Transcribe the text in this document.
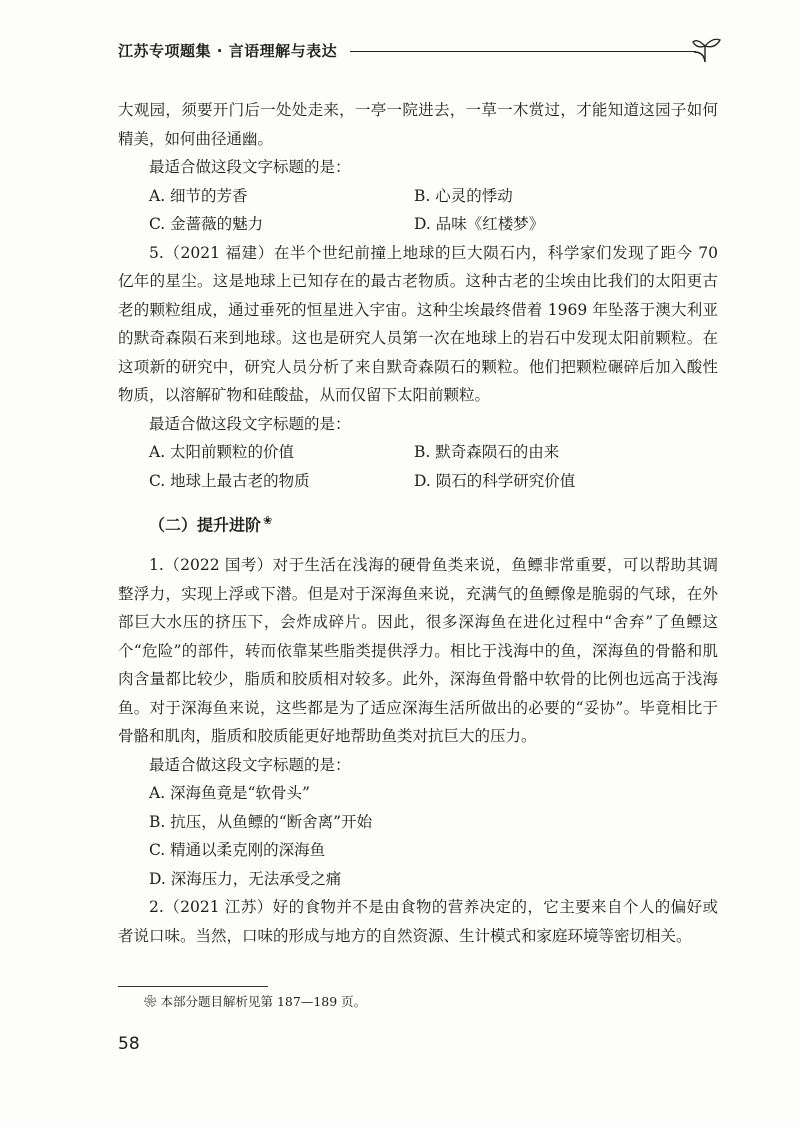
江苏专项题集 · 言语理解与表达

大观园，须要开门后一处处走来，一亭一院进去，一草一木赏过，才能知道这园子如何精美，如何曲径通幽。

最适合做这段文字标题的是：

A. 细节的芳香	B. 心灵的悸动
C. 金蔷薇的魅力	D. 品味《红楼梦》

5.（2021 福建）在半个世纪前撞上地球的巨大陨石内，科学家们发现了距今 70 亿年的星尘。这是地球上已知存在的最古老物质。这种古老的尘埃由比我们的太阳更古老的颗粒组成，通过垂死的恒星进入宇宙。这种尘埃最终借着 1969 年坠落于澳大利亚的默奇森陨石来到地球。这也是研究人员第一次在地球上的岩石中发现太阳前颗粒。在这项新的研究中，研究人员分析了来自默奇森陨石的颗粒。他们把颗粒碾碎后加入酸性物质，以溶解矿物和硅酸盐，从而仅留下太阳前颗粒。

最适合做这段文字标题的是：

A. 太阳前颗粒的价值	B. 默奇森陨石的由来
C. 地球上最古老的物质	D. 陨石的科学研究价值
（二）提升进阶 ❀

1.（2022 国考）对于生活在浅海的硬骨鱼类来说，鱼鳔非常重要，可以帮助其调整浮力，实现上浮或下潜。但是对于深海鱼来说，充满气的鱼鳔像是脆弱的气球，在外部巨大水压的挤压下，会炸成碎片。因此，很多深海鱼在进化过程中“舍弃”了鱼鳔这个“危险”的部件，转而依靠某些脂类提供浮力。相比于浅海中的鱼，深海鱼的骨骼和肌肉含量都比较少，脂质和胶质相对较多。此外，深海鱼骨骼中软骨的比例也远高于浅海鱼。对于深海鱼来说，这些都是为了适应深海生活所做出的必要的“妥协”。毕竟相比于骨骼和肌肉，脂质和胶质能更好地帮助鱼类对抗巨大的压力。

最适合做这段文字标题的是：

A. 深海鱼竟是“软骨头”

B. 抗压，从鱼鳔的“断舍离”开始

C. 精通以柔克刚的深海鱼

D. 深海压力，无法承受之痛

2.（2021 江苏）好的食物并不是由食物的营养决定的，它主要来自个人的偏好或者说口味。当然，口味的形成与地方的自然资源、生计模式和家庭环境等密切相关。

❀ 本部分题目解析见第 187—189 页。
58
